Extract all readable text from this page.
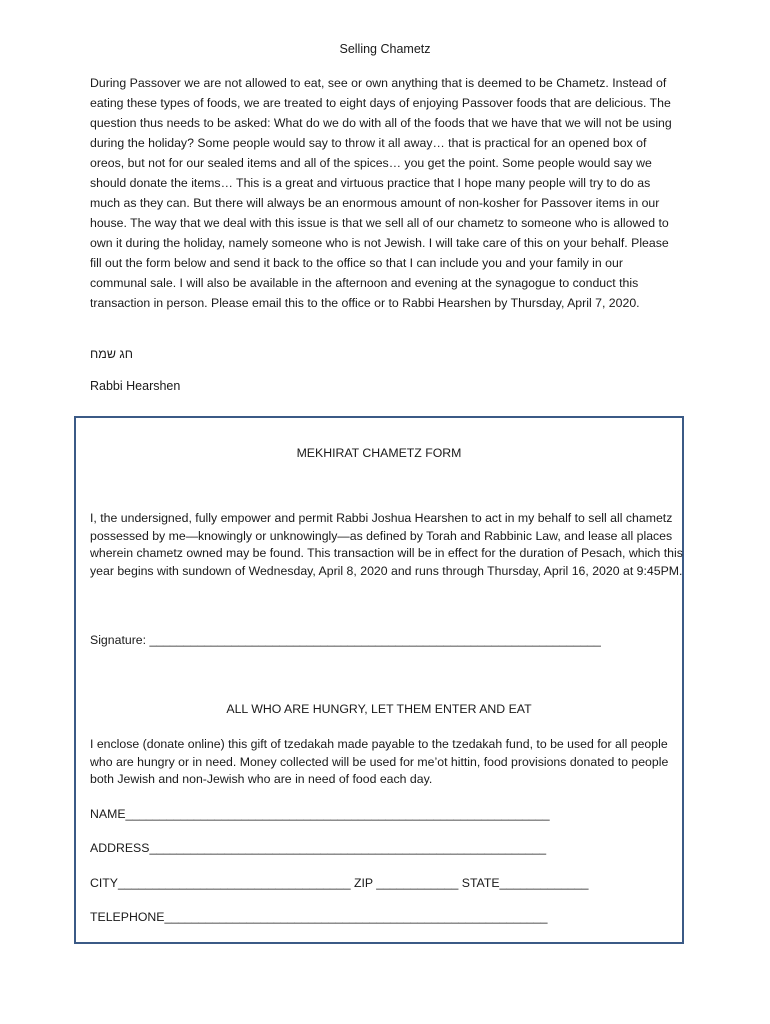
Selling Chametz

During Passover we are not allowed to eat, see or own anything that is deemed to be Chametz. Instead of eating these types of foods, we are treated to eight days of enjoying Passover foods that are delicious. The question thus needs to be asked: What do we do with all of the foods that we have that we will not be using during the holiday? Some people would say to throw it all away… that is practical for an opened box of oreos, but not for our sealed items and all of the spices… you get the point. Some people would say we should donate the items… This is a great and virtuous practice that I hope many people will try to do as much as they can. But there will always be an enormous amount of non-kosher for Passover items in our house. The way that we deal with this issue is that we sell all of our chametz to someone who is allowed to own it during the holiday, namely someone who is not Jewish. I will take care of this on your behalf. Please fill out the form below and send it back to the office so that I can include you and your family in our communal sale. I will also be available in the afternoon and evening at the synagogue to conduct this transaction in person. Please email this to the office or to Rabbi Hearshen by Thursday, April 7, 2020.

חג שמח
Rabbi Hearshen
MEKHIRAT CHAMETZ FORM

I, the undersigned, fully empower and permit Rabbi Joshua Hearshen to act in my behalf to sell all chametz possessed by me—knowingly or unknowingly—as defined by Torah and Rabbinic Law, and lease all places wherein chametz owned may be found. This transaction will be in effect for the duration of Pesach, which this year begins with sundown of Wednesday, April 8, 2020 and runs through Thursday, April 16, 2020 at 9:45PM.

Signature: __________________________________________________________________
ALL WHO ARE HUNGRY, LET THEM ENTER AND EAT

I enclose (donate online) this gift of tzedakah made payable to the tzedakah fund, to be used for all people who are hungry or in need. Money collected will be used for me’ot hittin, food provisions donated to people both Jewish and non-Jewish who are in need of food each day.

NAME______________________________________________________________
ADDRESS__________________________________________________________
CITY__________________________________ ZIP ____________ STATE_____________
TELEPHONE________________________________________________________
